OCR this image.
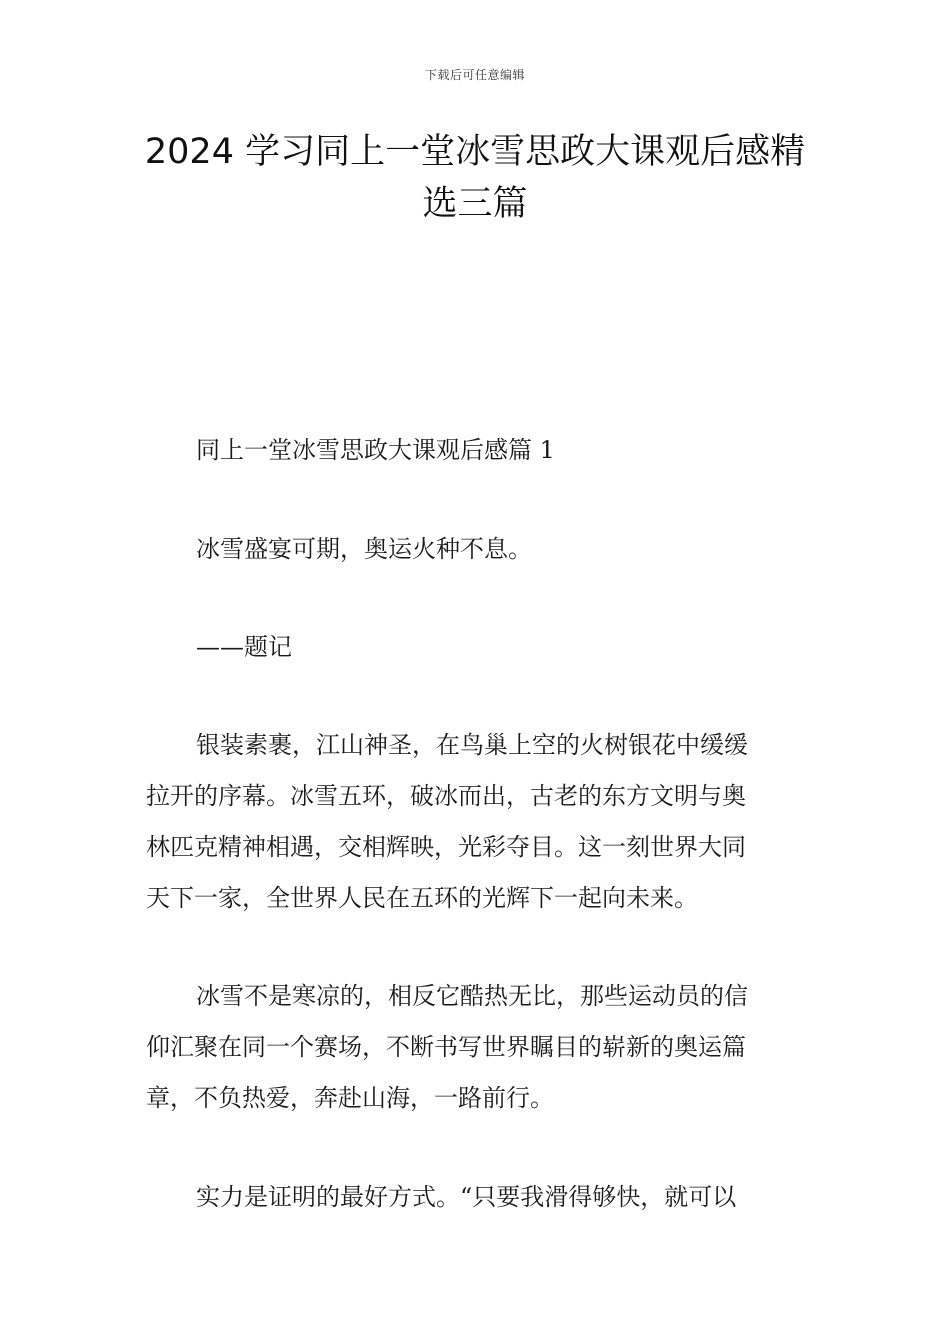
下载后可任意编辑
2024 学习同上一堂冰雪思政大课观后感精
选三篇
同上一堂冰雪思政大课观后感篇 1
冰雪盛宴可期，奥运火种不息。
——题记
银装素裹，江山神圣，在鸟巢上空的火树银花中缓缓
拉开的序幕。冰雪五环，破冰而出，古老的东方文明与奥
林匹克精神相遇，交相辉映，光彩夺目。这一刻世界大同
天下一家，全世界人民在五环的光辉下一起向未来。
冰雪不是寒凉的，相反它酷热无比，那些运动员的信
仰汇聚在同一个赛场，不断书写世界瞩目的崭新的奥运篇
章，不负热爱，奔赴山海，一路前行。
实力是证明的最好方式。“只要我滑得够快，就可以
